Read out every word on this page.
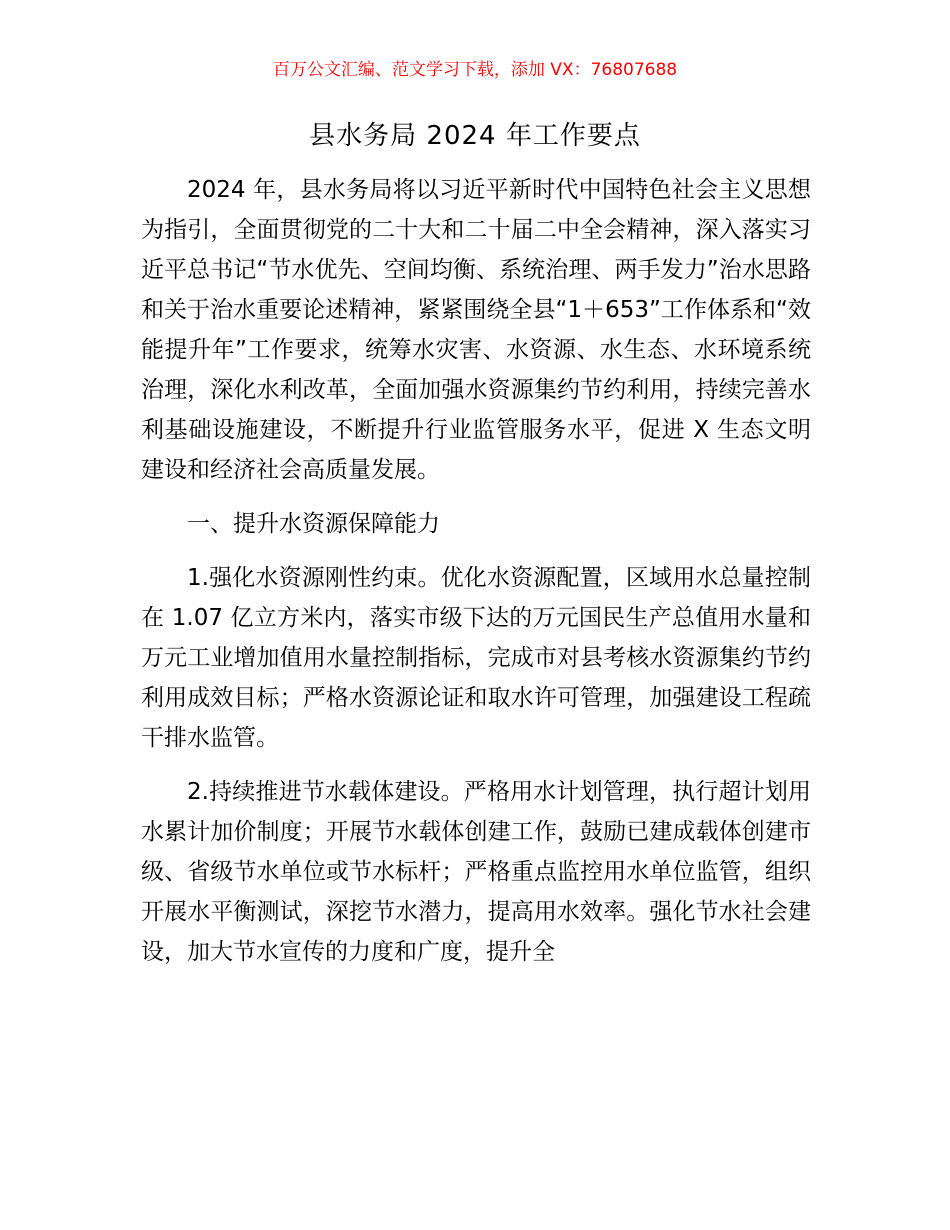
百万公文汇编、范文学习下载，添加 VX：76807688
县水务局 2024 年工作要点

2024 年，县水务局将以习近平新时代中国特色社会主义思想为指引，全面贯彻党的二十大和二十届二中全会精神，深入落实习近平总书记“节水优先、空间均衡、系统治理、两手发力”治水思路和关于治水重要论述精神，紧紧围绕全县“1＋653”工作体系和“效能提升年”工作要求，统筹水灾害、水资源、水生态、水环境系统治理，深化水利改革，全面加强水资源集约节约利用，持续完善水利基础设施建设，不断提升行业监管服务水平，促进 X 生态文明建设和经济社会高质量发展。

一、提升水资源保障能力

1.强化水资源刚性约束。优化水资源配置，区域用水总量控制在 1.07 亿立方米内，落实市级下达的万元国民生产总值用水量和万元工业增加值用水量控制指标，完成市对县考核水资源集约节约利用成效目标；严格水资源论证和取水许可管理，加强建设工程疏干排水监管。

2.持续推进节水载体建设。严格用水计划管理，执行超计划用水累计加价制度；开展节水载体创建工作，鼓励已建成载体创建市级、省级节水单位或节水标杆；严格重点监控用水单位监管，组织开展水平衡测试，深挖节水潜力，提高用水效率。强化节水社会建设，加大节水宣传的力度和广度，提升全
